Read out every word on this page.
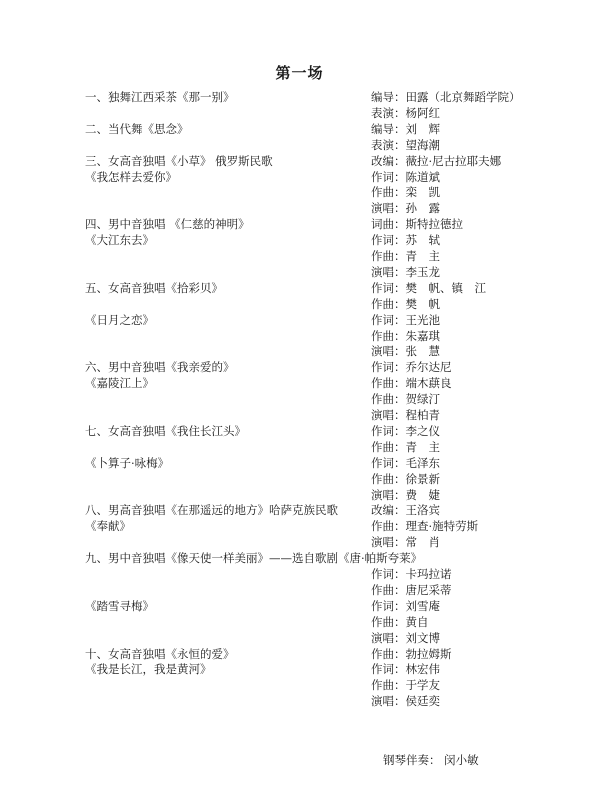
第一场
一、独舞江西采茶《那一别》
二、当代舞《思念》
三、女高音独唱《小草》 俄罗斯民歌
《我怎样去爱你》
四、男中音独唱 《仁慈的神明》
《大江东去》
五、女高音独唱《拾彩贝》
《日月之恋》
六、男中音独唱《我亲爱的》
《嘉陵江上》
七、女高音独唱《我住长江头》
《卜算子·咏梅》
八、男高音独唱《在那遥远的地方》哈萨克族民歌
《奉献》
九、男中音独唱《像天使一样美丽》——选自歌剧《唐·帕斯夸莱》
《踏雪寻梅》
十、女高音独唱《永恒的爱》
《我是长江，我是黄河》
编导：田露（北京舞蹈学院）
表演：杨阿红
编导：刘　辉
表演：望海潮
改编：薇拉·尼古拉耶夫娜
作词：陈道斌
作曲：栾　凯
演唱：孙　露
词曲：斯特拉德拉
作词：苏　轼
作曲：青　主
演唱：李玉龙
作词：樊　帆、镇　江
作曲：樊　帆
作词：王光池
作曲：朱嘉琪
演唱：张　慧
作词：乔尔达尼
作曲：端木蕻良
作曲：贺绿汀
演唱：程柏青
作词：李之仪
作曲：青　主
作词：毛泽东
作曲：徐景新
演唱：费　婕
改编：王洛宾
作曲：理查·施特劳斯
演唱：常　肖
作词：卡玛拉诺
作曲：唐尼采蒂
作词：刘雪庵
作曲：黄自
演唱：刘文博
作曲：勃拉姆斯
作词：林宏伟
作曲：于学友
演唱：侯廷奕
钢琴伴奏： 闵小敏
